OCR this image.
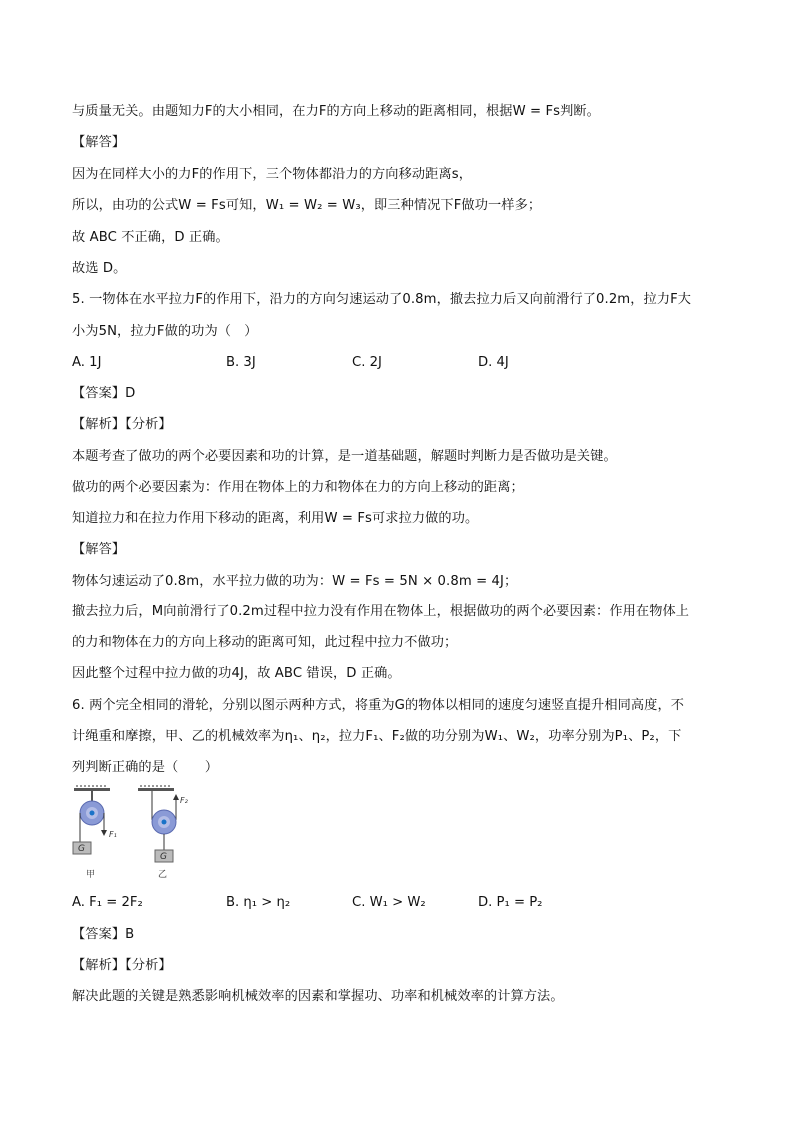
与质量无关。由题知力F的大小相同，在力F的方向上移动的距离相同，根据W = Fs判断。
【解答】
因为在同样大小的力F的作用下，三个物体都沿力的方向移动距离s，
所以，由功的公式W = Fs可知，W₁ = W₂ = W₃，即三种情况下F做功一样多；
故 ABC 不正确，D 正确。
故选 D。
5. 一物体在水平拉力F的作用下，沿力的方向匀速运动了0.8m，撤去拉力后又向前滑行了0.2m，拉力F大
小为5N，拉力F做的功为（　）
A. 1J	B. 3J	C. 2J	D. 4J
【答案】D
【解析】【分析】
本题考查了做功的两个必要因素和功的计算，是一道基础题，解题时判断力是否做功是关键。
做功的两个必要因素为：作用在物体上的力和物体在力的方向上移动的距离；
知道拉力和在拉力作用下移动的距离，利用W = Fs可求拉力做的功。
【解答】
物体匀速运动了0.8m，水平拉力做的功为：W = Fs = 5N × 0.8m = 4J；
撤去拉力后，M向前滑行了0.2m过程中拉力没有作用在物体上，根据做功的两个必要因素：作用在物体上
的力和物体在力的方向上移动的距离可知，此过程中拉力不做功；
因此整个过程中拉力做的功4J，故 ABC 错误，D 正确。
6. 两个完全相同的滑轮，分别以图示两种方式，将重为G的物体以相同的速度匀速竖直提升相同高度，不
计绳重和摩擦，甲、乙的机械效率为η₁、η₂，拉力F₁、F₂做的功分别为W₁、W₂，功率分别为P₁、P₂，下
列判断正确的是（　　）
G
G
F₁
F₂
甲	乙
A. F₁ = 2F₂	B. η₁ > η₂	C. W₁ > W₂	D. P₁ = P₂
【答案】B
【解析】【分析】
解决此题的关键是熟悉影响机械效率的因素和掌握功、功率和机械效率的计算方法。
